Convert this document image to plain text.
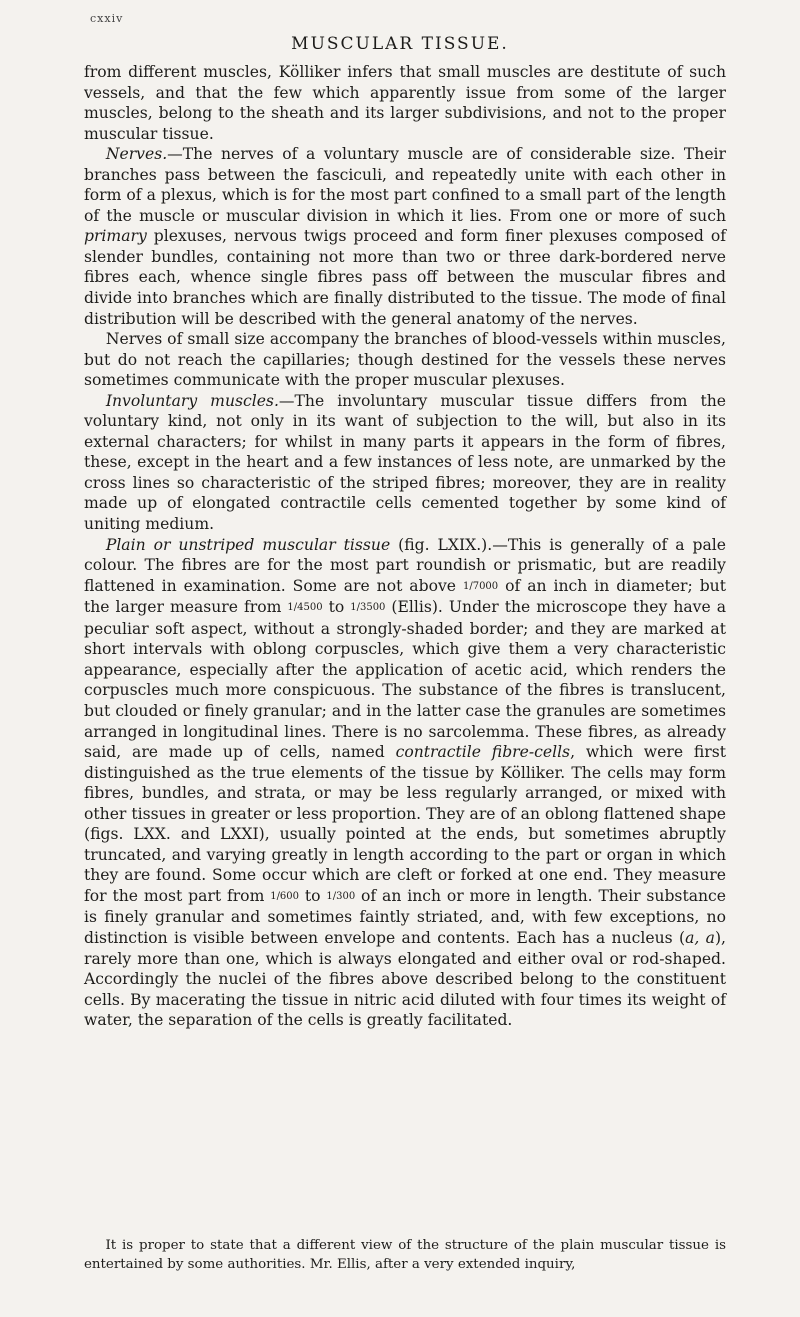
cxxiv
MUSCULAR TISSUE.

from different muscles, Kölliker infers that small muscles are destitute of such vessels, and that the few which apparently issue from some of the larger muscles, belong to the sheath and its larger subdivisions, and not to the proper muscular tissue.

Nerves.—The nerves of a voluntary muscle are of considerable size. Their branches pass between the fasciculi, and repeatedly unite with each other in form of a plexus, which is for the most part confined to a small part of the length of the muscle or muscular division in which it lies. From one or more of such primary plexuses, nervous twigs proceed and form finer plexuses composed of slender bundles, containing not more than two or three dark-bordered nerve fibres each, whence single fibres pass off between the muscular fibres and divide into branches which are finally distributed to the tissue. The mode of final distribution will be described with the general anatomy of the nerves.

Nerves of small size accompany the branches of blood-vessels within muscles, but do not reach the capillaries; though destined for the vessels these nerves sometimes communicate with the proper muscular plexuses.

Involuntary muscles.—The involuntary muscular tissue differs from the voluntary kind, not only in its want of subjection to the will, but also in its external characters; for whilst in many parts it appears in the form of fibres, these, except in the heart and a few instances of less note, are unmarked by the cross lines so characteristic of the striped fibres; moreover, they are in reality made up of elongated contractile cells cemented together by some kind of uniting medium.

Plain or unstriped muscular tissue (fig. LXIX.).—This is generally of a pale colour. The fibres are for the most part roundish or prismatic, but are readily flattened in examination. Some are not above 1/7000 of an inch in diameter; but the larger measure from 1/4500 to 1/3500 (Ellis). Under the microscope they have a peculiar soft aspect, without a strongly-shaded border; and they are marked at short intervals with oblong corpuscles, which give them a very characteristic appearance, especially after the application of acetic acid, which renders the corpuscles much more conspicuous. The substance of the fibres is translucent, but clouded or finely granular; and in the latter case the granules are sometimes arranged in longitudinal lines. There is no sarcolemma. These fibres, as already said, are made up of cells, named contractile fibre-cells, which were first distinguished as the true elements of the tissue by Kölliker. The cells may form fibres, bundles, and strata, or may be less regularly arranged, or mixed with other tissues in greater or less proportion. They are of an oblong flattened shape (figs. LXX. and LXXI), usually pointed at the ends, but sometimes abruptly truncated, and varying greatly in length according to the part or organ in which they are found. Some occur which are cleft or forked at one end. They measure for the most part from 1/600 to 1/300 of an inch or more in length. Their substance is finely granular and sometimes faintly striated, and, with few exceptions, no distinction is visible between envelope and contents. Each has a nucleus (a, a), rarely more than one, which is always elongated and either oval or rod-shaped. Accordingly the nuclei of the fibres above described belong to the constituent cells. By macerating the tissue in nitric acid diluted with four times its weight of water, the separation of the cells is greatly facilitated.

It is proper to state that a different view of the structure of the plain muscular tissue is entertained by some authorities. Mr. Ellis, after a very extended inquiry,
